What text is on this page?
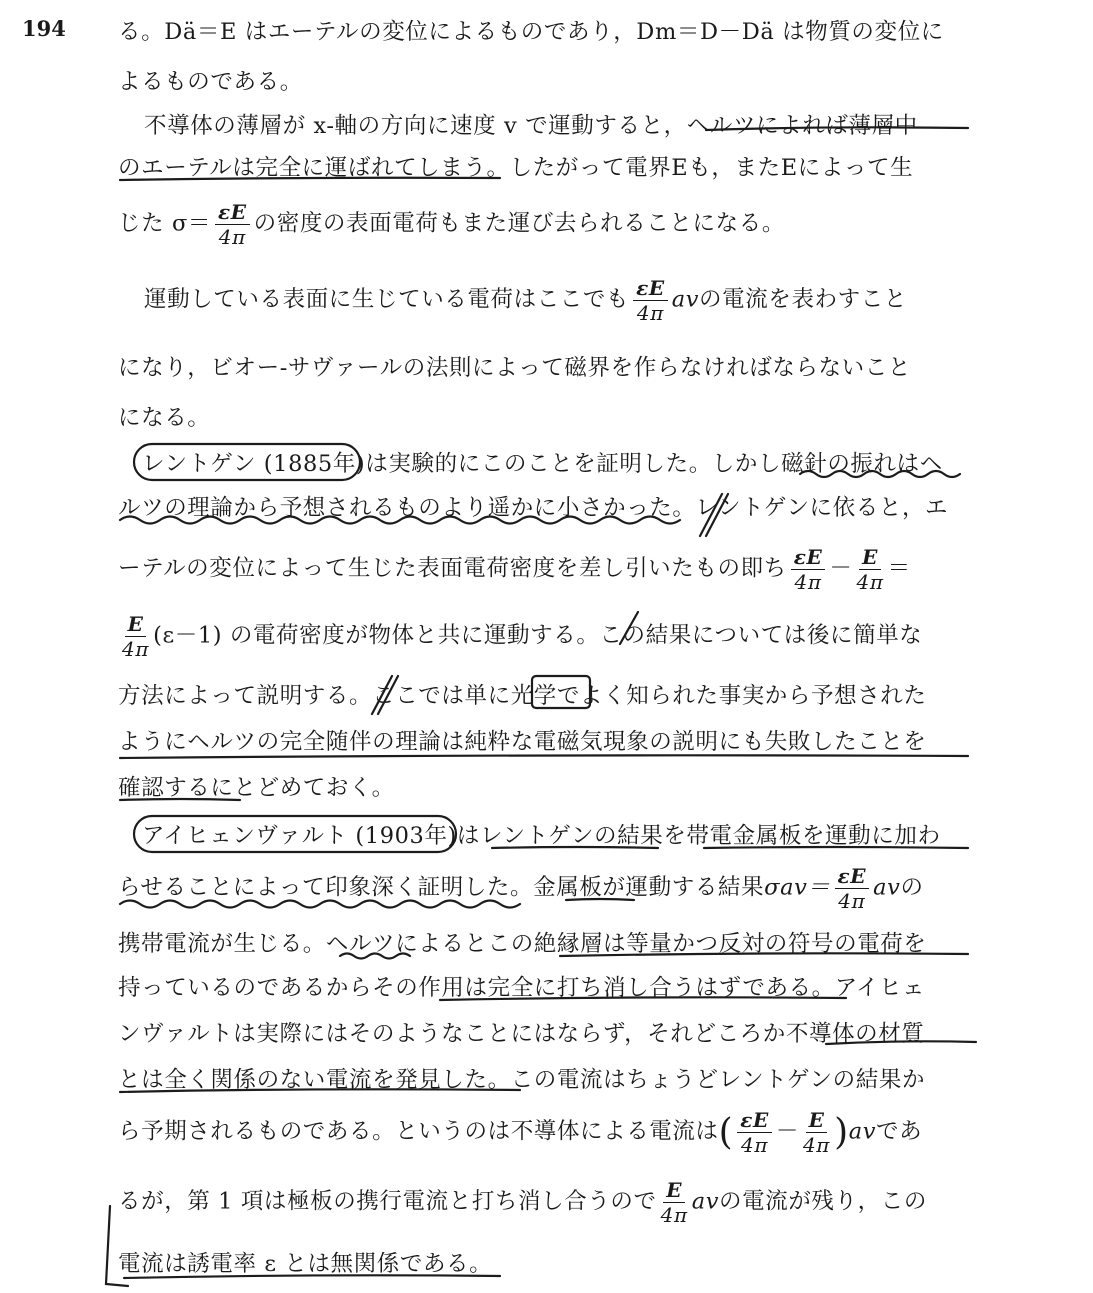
194 る。Dä＝E はエーテルの変位によるものであり，Dm＝D－Dä は物質の変位に
よるものである。
不導体の薄層が x-軸の方向に速度 v で運動すると，ヘルツによれば薄層中
のエーテルは完全に運ばれてしまう。したがって電界Eも，またEによって生
じた $\sigma= \frac{\varepsilon E}{4\pi}$ の密度の表面電荷もまた運び去られることになる。
運動している表面に生じている電荷はここでも $\frac{\varepsilon E}{4\pi}$ avの電流を表わすこと
になり，ビオー-サヴァールの法則によって磁界を作らなければならないこと
になる。
レントゲン (1885年)は実験的にこのことを証明した。しかし磁針の振れはヘ
ルツの理論から予想されるものより遥かに小さかった。レントゲンに依ると，エ
ーテルの変位によって生じた表面電荷密度を差し引いたもの即ち $\frac{\varepsilon E}{4\pi} - \frac{E}{4\pi}$ ＝
$\frac{E}{4\pi} (\varepsilon-1)$ の電荷密度が物体と共に運動する。この結果については後に簡単な
方法によって説明する。ここでは単に光学でよく知られた事実から予想された
ようにヘルツの完全随伴の理論は純粋な電磁気現象の説明にも失敗したことを
確認するにとどめておく。
アイヒェンヴァルト (1903年)はレントゲンの結果を帯電金属板を運動に加わ
らせることによって印象深く証明した。金属板が運動する結果$\sigma av= \frac{\varepsilon E}{4\pi}$ avの
携帯電流が生じる。ヘルツによるとこの絶縁層は等量かつ反対の符号の電荷を
持っているのであるからその作用は完全に打ち消し合うはずである。アイヒェ
ンヴァルトは実際にはそのようなことにはならず，それどころか不導体の材質
とは全く関係のない電流を発見した。この電流はちょうどレントゲンの結果か
ら予期されるものである。というのは不導体による電流は( $\frac{\varepsilon E}{4\pi} - \frac{E}{4\pi} )av$であ
るが，第 1 項は極板の携行電流と打ち消し合うので $\frac{E}{4\pi}$ avの電流が残り，この
電流は誘電率 ε とは無関係である。
